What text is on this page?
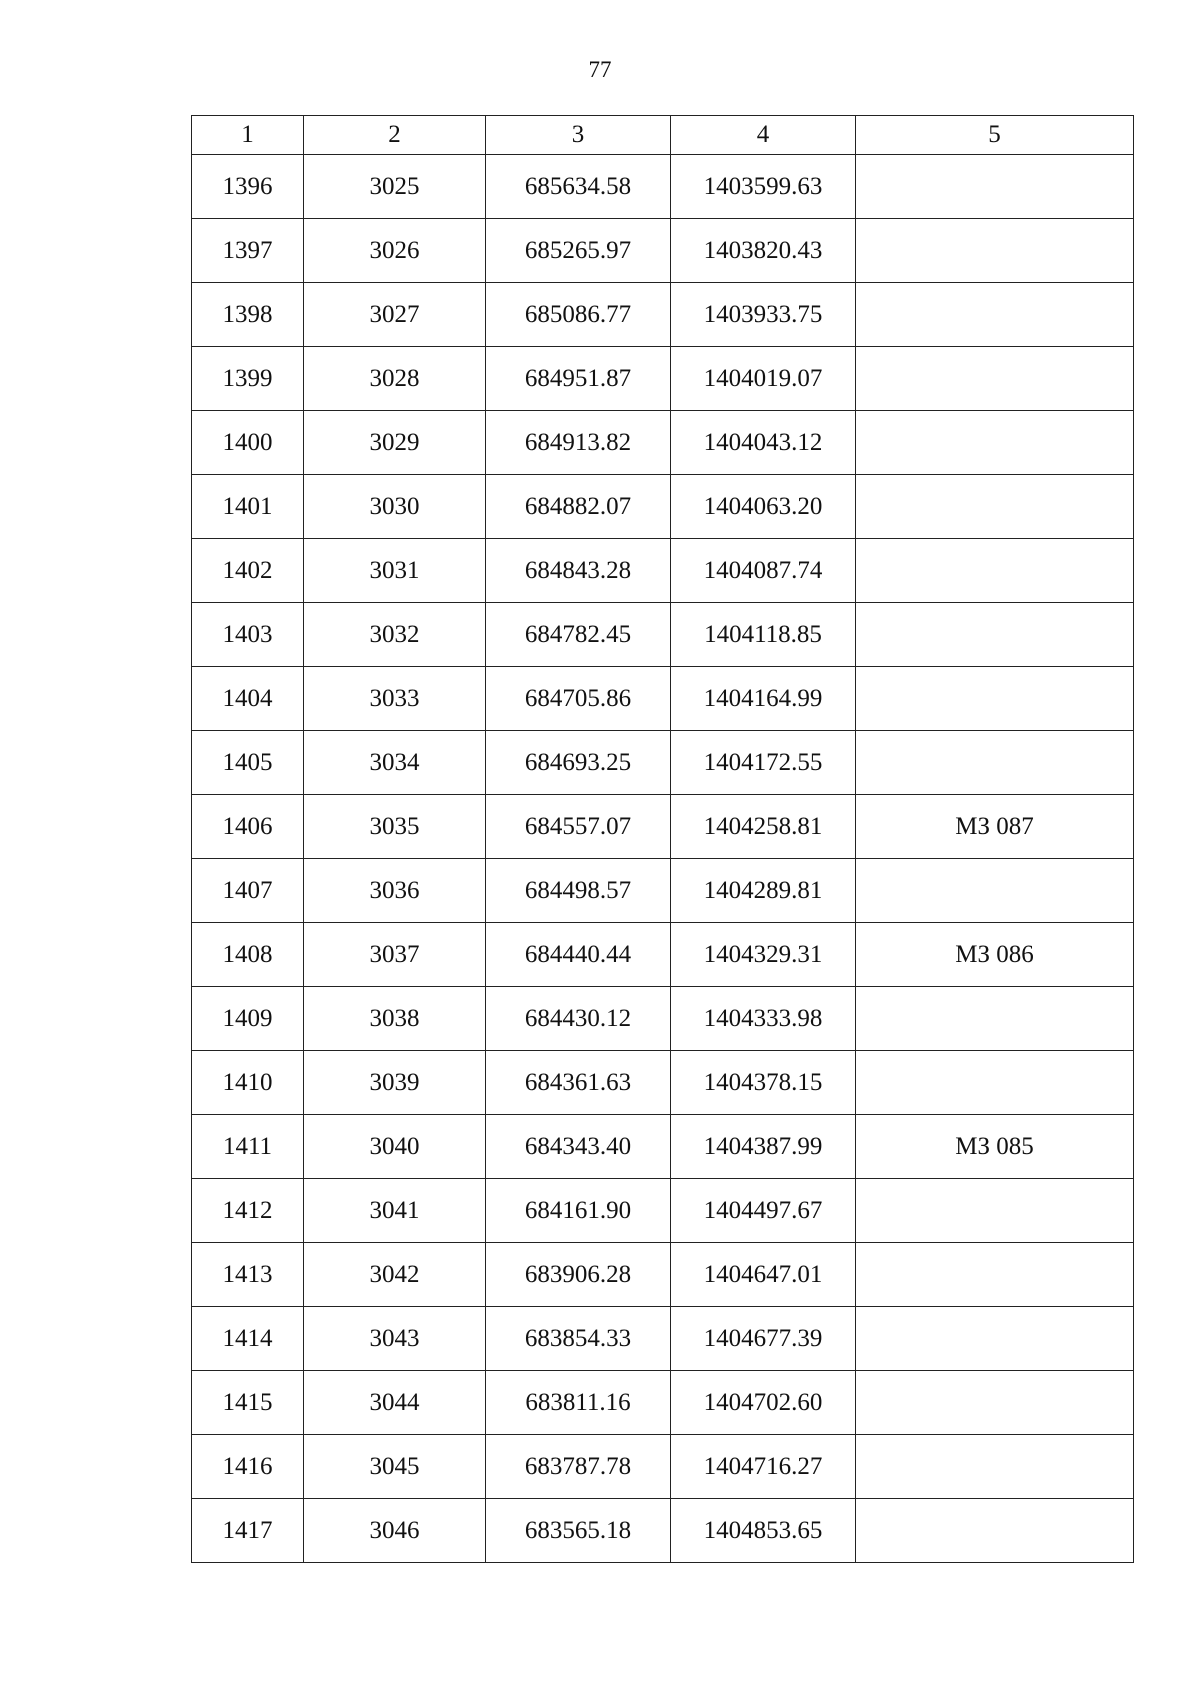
77
1	2	3	4	5
1396	3025	685634.58	1403599.63	
1397	3026	685265.97	1403820.43	
1398	3027	685086.77	1403933.75	
1399	3028	684951.87	1404019.07	
1400	3029	684913.82	1404043.12	
1401	3030	684882.07	1404063.20	
1402	3031	684843.28	1404087.74	
1403	3032	684782.45	1404118.85	
1404	3033	684705.86	1404164.99	
1405	3034	684693.25	1404172.55	
1406	3035	684557.07	1404258.81	МЗ 087
1407	3036	684498.57	1404289.81	
1408	3037	684440.44	1404329.31	МЗ 086
1409	3038	684430.12	1404333.98	
1410	3039	684361.63	1404378.15	
1411	3040	684343.40	1404387.99	МЗ 085
1412	3041	684161.90	1404497.67	
1413	3042	683906.28	1404647.01	
1414	3043	683854.33	1404677.39	
1415	3044	683811.16	1404702.60	
1416	3045	683787.78	1404716.27	
1417	3046	683565.18	1404853.65	
